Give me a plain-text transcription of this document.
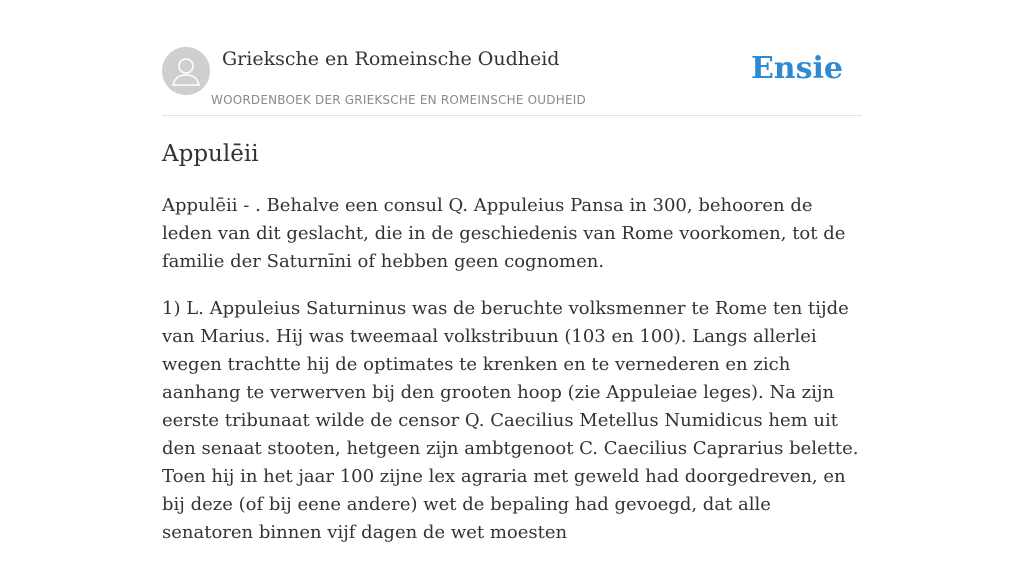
Grieksche en Romeinsche Oudheid
WOORDENBOEK DER GRIEKSCHE EN ROMEINSCHE OUDHEID
Ensie
Appulēii

Appulēii - . Behalve een consul Q. Appuleius Pansa in 300, behooren de leden van dit geslacht, die in de geschiedenis van Rome voorkomen, tot de familie der Saturnīni of hebben geen cognomen.

1) L. Appuleius Saturninus was de beruchte volksmenner te Rome ten tijde van Marius. Hij was tweemaal volkstribuun (103 en 100). Langs allerlei wegen trachtte hij de optimates te krenken en te vernederen en zich aanhang te verwerven bij den grooten hoop (zie Appuleiae leges). Na zijn eerste tribunaat wilde de censor Q. Caecilius Metellus Numidicus hem uit den senaat stooten, hetgeen zijn ambtgenoot C. Caecilius Caprarius belette. Toen hij in het jaar 100 zijne lex agraria met geweld had doorgedreven, en bij deze (of bij eene andere) wet de bepaling had gevoegd, dat alle senatoren binnen vijf dagen de wet moesten
